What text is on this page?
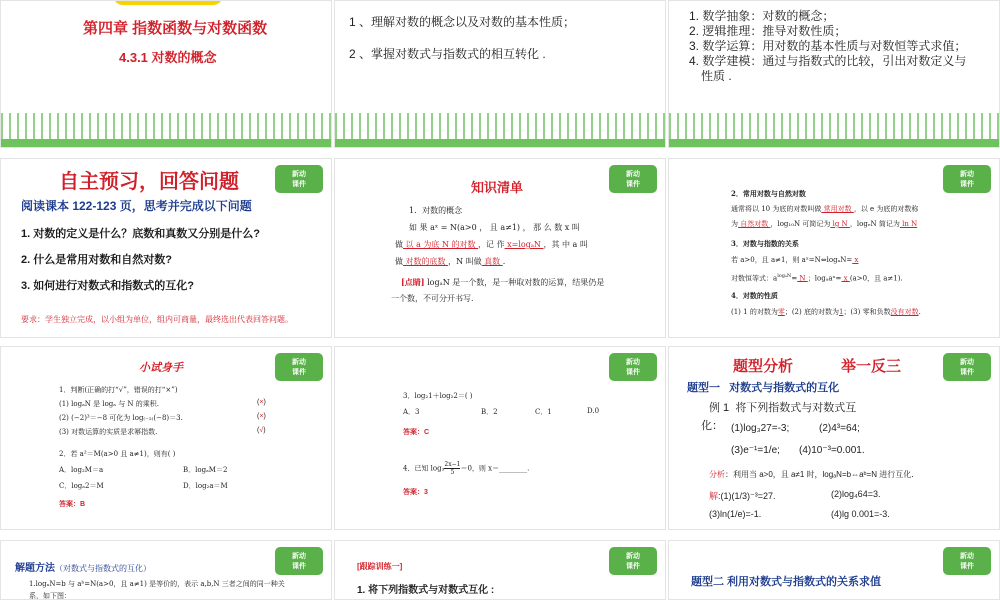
第四章 指数函数与对数函数
4.3.1 对数的概念
1 、理解对数的概念以及对数的基本性质；
2 、掌握对数式与指数式的相互转化 .
1. 数学抽象：对数的概念；
2. 逻辑推理：推导对数性质；
3. 数学运算：用对数的基本性质与对数恒等式求值；
4. 数学建模：通过与指数式的比较，引出对数定义与
性质 .
新动
课件
自主预习，回答问题
阅读课本 122-123 页，思考并完成以下问题
1. 对数的定义是什么？底数和真数又分别是什么?
2. 什么是常用对数和自然对数?
3. 如何进行对数式和指数式的互化?
要求：学生独立完成，以小组为单位，组内可商量，最终选出代表回答问题。
新动
课件
知识清单
1．对数的概念
如 果 aˣ = N(a>0 ， 且 a≠1) ， 那 么 数 x 叫
做 以 a 为底 N 的对数 ，记 作 x=logₐN ，其 中 a 叫
做 对数的底数 ，N 叫做 真数 .
[点睛] logₐN 是一个数，是一种取对数的运算，结果仍是
一个数，不可分开书写.
新动
课件
2．常用对数与自然对数
通常将以 10 为底的对数叫做 常用对数 ，以 e 为底的对数称
为 自然对数 ，log₁₀N 可简记为 lg N ，logₑN 简记为 ln N
3．对数与指数的关系
若 a>0，且 a≠1，则 aˣ=N⇔logₐN= x
对数恒等式：$a^{log_aN}= N$ ；logₐaˣ= x (a>0，且 a≠1).
4．对数的性质
(1) 1 的对数为零；(2) 底的对数为1；(3) 零和负数没有对数.
新动
课件
小试身手
1．判断(正确的打“√”，错误的打“×”)
(1) logₐN 是 logₐ 与 N 的乘积.	(×)
(2) (−2)³＝−8 可化为 log₍₋₂₎(−8)＝3.	(×)
(3) 对数运算的实质是求幂指数.	(√)
2．若 a²＝M(a>0 且 a≠1)，则有( )
A．log₂M＝a	B．logₐM＝2
C．logₐ2＝M	D．log₂a＝M
答案：B
新动
课件
3．log₂1＋log₂2＝( )
A．3	B．2	C．1	D.0
答案：C
4．已知 $\log_3 \frac{2x-1}{5} =0$，则 x＝________.
答案：3
新动
课件
题型分析	举一反三
题型一 对数式与指数式的互化
例 1 将下列指数式与对数式互
化： (1)log₃27=-3;	(2)4³=64;
(3)e⁻¹=1/e; (4)10⁻³=0.001.
分析：利用当 a>0，且 a≠1 时，logₐN=b⇔aᵇ=N 进行互化．
解:(1)(1/3)⁻³=27.	(2)log₄64=3.
(3)ln(1/e)=-1.	(4)lg 0.001=-3.
新动
课件
解题方法（对数式与指数式的互化）
1.logₐN=b 与 aᵇ=N(a>0，且 a≠1) 是等价的，表示 a,b,N 三者之间的同一种关
系，如下图：
新动
课件
[跟踪训练一]
1. 将下列指数式与对数式互化 :
新动
课件
题型二 利用对数式与指数式的关系求值
